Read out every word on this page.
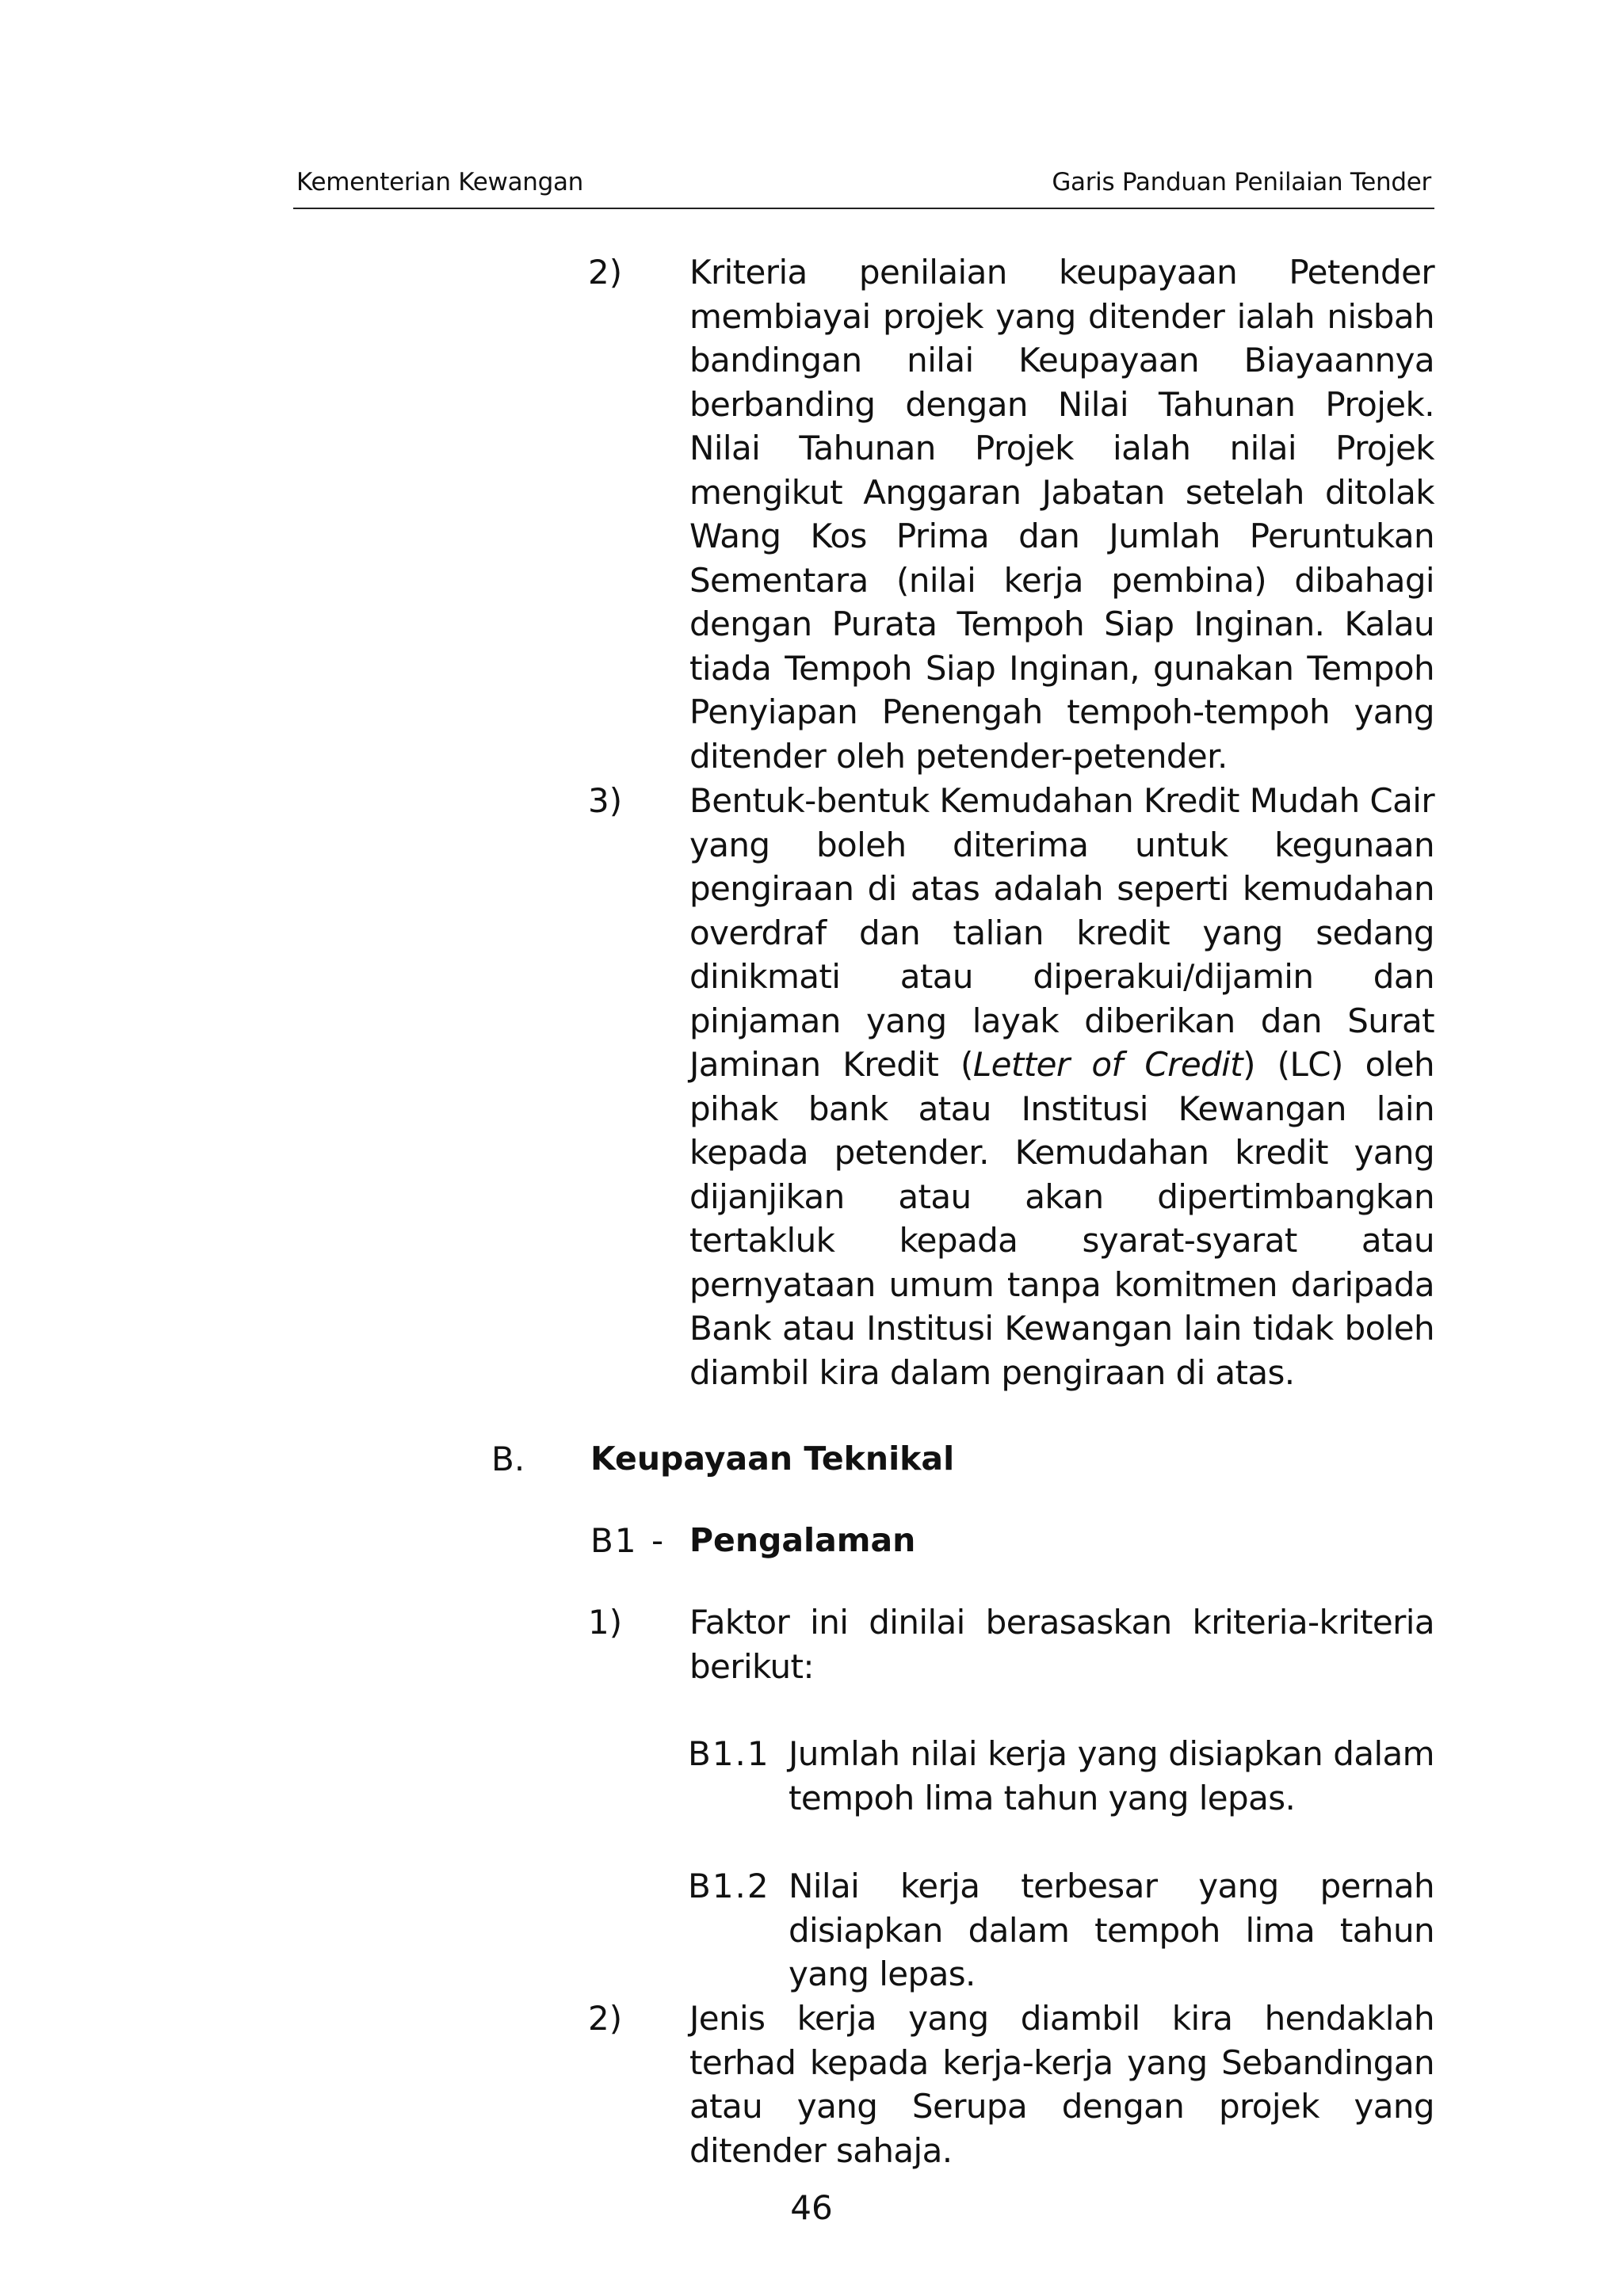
Kementerian Kewangan	Garis Panduan Penilaian Tender
2) Kriteria penilaian keupayaan Petender membiayai projek yang ditender ialah nisbah bandingan nilai Keupayaan Biayaannya berbanding dengan Nilai Tahunan Projek. Nilai Tahunan Projek ialah nilai Projek mengikut Anggaran Jabatan setelah ditolak Wang Kos Prima dan Jumlah Peruntukan Sementara (nilai kerja pembina) dibahagi dengan Purata Tempoh Siap Inginan. Kalau tiada Tempoh Siap Inginan, gunakan Tempoh Penyiapan Penengah tempoh-tempoh yang ditender oleh petender-petender.
3) Bentuk-bentuk Kemudahan Kredit Mudah Cair yang boleh diterima untuk kegunaan pengiraan di atas adalah seperti kemudahan overdraf dan talian kredit yang sedang dinikmati atau diperakui/dijamin dan pinjaman yang layak diberikan dan Surat Jaminan Kredit (Letter of Credit) (LC) oleh pihak bank atau Institusi Kewangan lain kepada petender. Kemudahan kredit yang dijanjikan atau akan dipertimbangkan tertakluk kepada syarat-syarat atau pernyataan umum tanpa komitmen daripada Bank atau Institusi Kewangan lain tidak boleh diambil kira dalam pengiraan di atas.
B. Keupayaan Teknikal
B1 - Pengalaman
1) Faktor ini dinilai berasaskan kriteria-kriteria berikut:
B1.1 Jumlah nilai kerja yang disiapkan dalam tempoh lima tahun yang lepas.
B1.2 Nilai kerja terbesar yang pernah disiapkan dalam tempoh lima tahun yang lepas.
2) Jenis kerja yang diambil kira hendaklah terhad kepada kerja-kerja yang Sebandingan atau yang Serupa dengan projek yang ditender sahaja.
46
